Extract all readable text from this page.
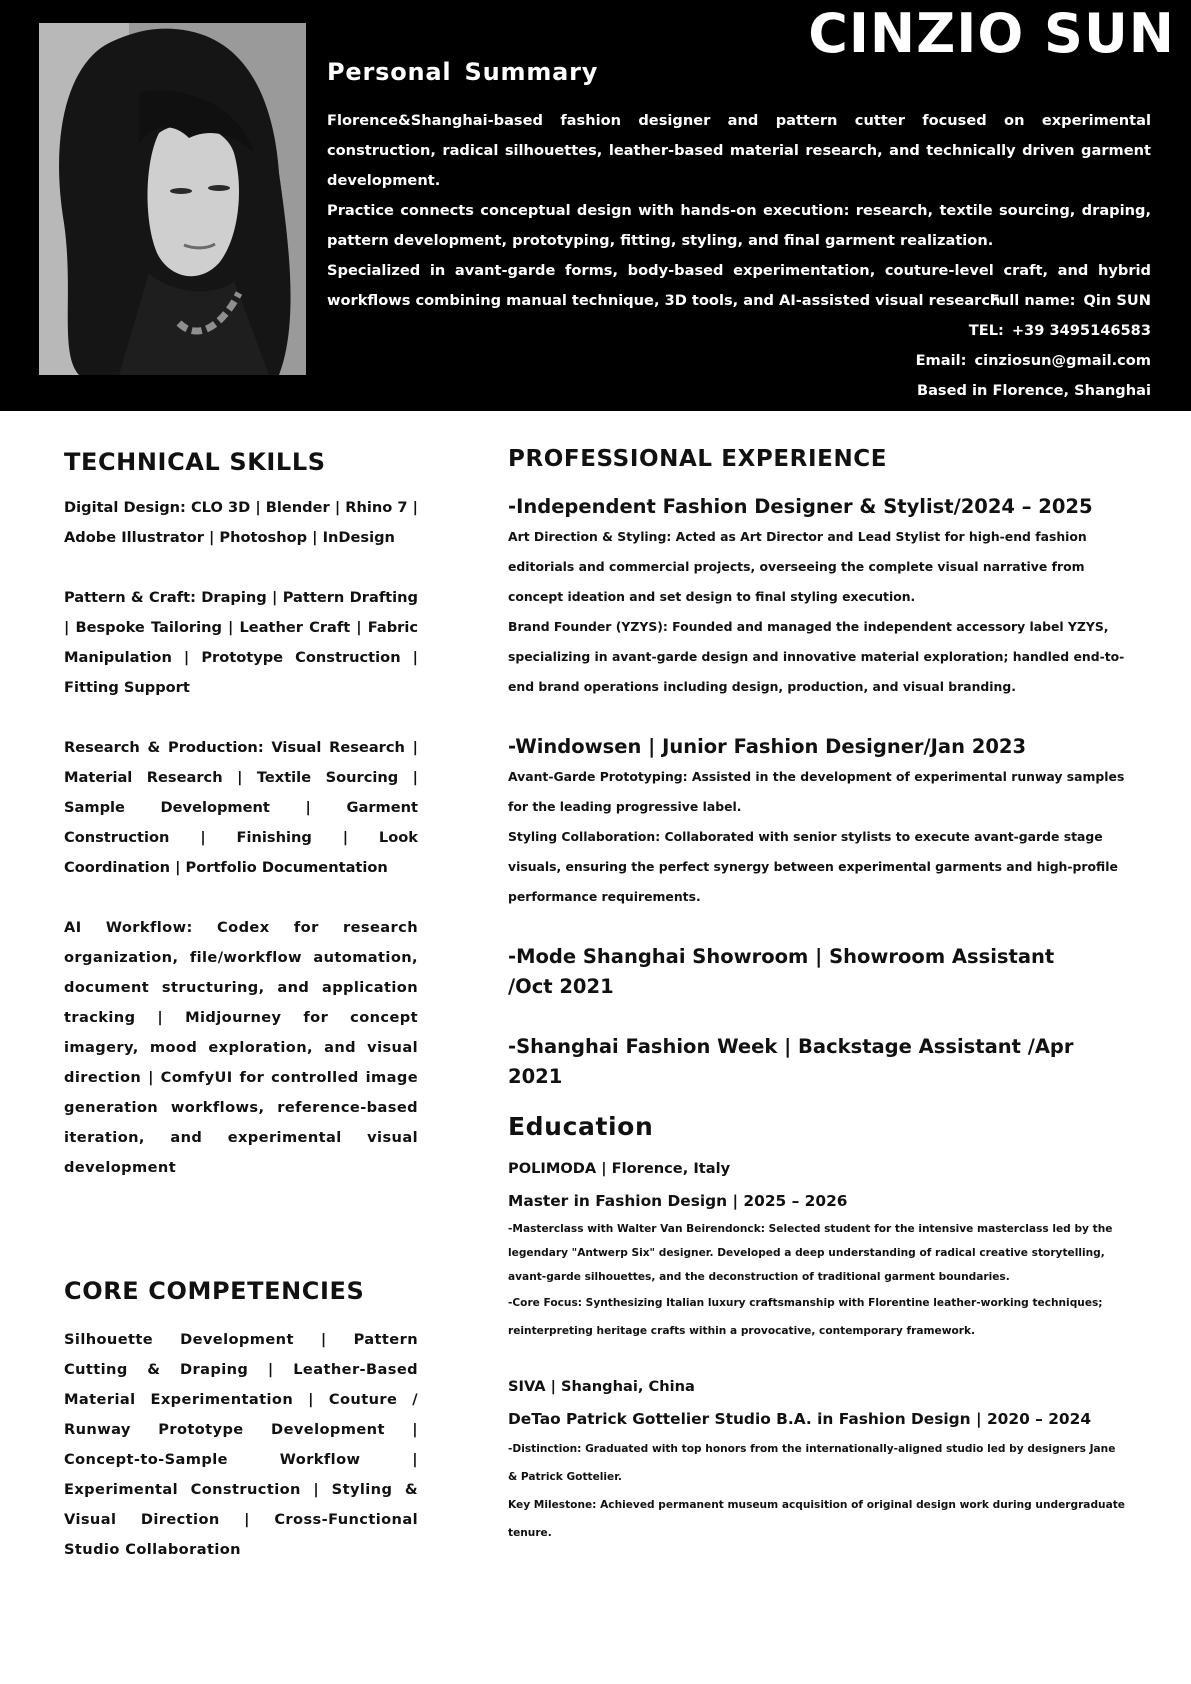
CINZIO SUN
Personal Summary

Florence&Shanghai-based fashion designer and pattern cutter focused on experimental construction, radical silhouettes, leather-based material research, and technically driven garment development.

Practice connects conceptual design with hands-on execution: research, textile sourcing, draping, pattern development, prototyping, fitting, styling, and final garment realization.

Specialized in avant-garde forms, body-based experimentation, couture-level craft, and hybrid workflows combining manual technique, 3D tools, and AI-assisted visual research.

Full name: Qin SUN
TEL: +39 3495146583
Email: cinziosun@gmail.com
Based in Florence, Shanghai
TECHNICAL SKILLS

Digital Design: CLO 3D | Blender | Rhino 7 | Adobe Illustrator | Photoshop | InDesign

Pattern & Craft: Draping | Pattern Drafting | Bespoke Tailoring | Leather Craft | Fabric Manipulation | Prototype Construction | Fitting Support

Research & Production: Visual Research | Material Research | Textile Sourcing | Sample Development | Garment Construction | Finishing | Look Coordination | Portfolio Documentation

AI Workflow: Codex for research organization, file/workflow automation, document structuring, and application tracking | Midjourney for concept imagery, mood exploration, and visual direction | ComfyUI for controlled image generation workflows, reference-based iteration, and experimental visual development

CORE COMPETENCIES

Silhouette Development | Pattern Cutting & Draping | Leather-Based Material Experimentation | Couture / Runway Prototype Development | Concept-to-Sample Workflow | Experimental Construction | Styling & Visual Direction | Cross-Functional Studio Collaboration

PROFESSIONAL EXPERIENCE

-Independent Fashion Designer & Stylist/2024 – 2025

Art Direction & Styling: Acted as Art Director and Lead Stylist for high-end fashion editorials and commercial projects, overseeing the complete visual narrative from concept ideation and set design to final styling execution.

Brand Founder (YZYS): Founded and managed the independent accessory label YZYS, specializing in avant-garde design and innovative material exploration; handled end-to-end brand operations including design, production, and visual branding.

-Windowsen | Junior Fashion Designer/Jan 2023

Avant-Garde Prototyping: Assisted in the development of experimental runway samples for the leading progressive label.

Styling Collaboration: Collaborated with senior stylists to execute avant-garde stage visuals, ensuring the perfect synergy between experimental garments and high-profile performance requirements.

-Mode Shanghai Showroom | Showroom Assistant /Oct 2021

-Shanghai Fashion Week | Backstage Assistant /Apr 2021

Education

POLIMODA | Florence, Italy

Master in Fashion Design | 2025 – 2026

-Masterclass with Walter Van Beirendonck: Selected student for the intensive masterclass led by the legendary "Antwerp Six" designer. Developed a deep understanding of radical creative storytelling, avant-garde silhouettes, and the deconstruction of traditional garment boundaries.

-Core Focus: Synthesizing Italian luxury craftsmanship with Florentine leather-working techniques; reinterpreting heritage crafts within a provocative, contemporary framework.

SIVA | Shanghai, China

DeTao Patrick Gottelier Studio B.A. in Fashion Design | 2020 – 2024

-Distinction: Graduated with top honors from the internationally-aligned studio led by designers Jane & Patrick Gottelier.

Key Milestone: Achieved permanent museum acquisition of original design work during undergraduate tenure.
